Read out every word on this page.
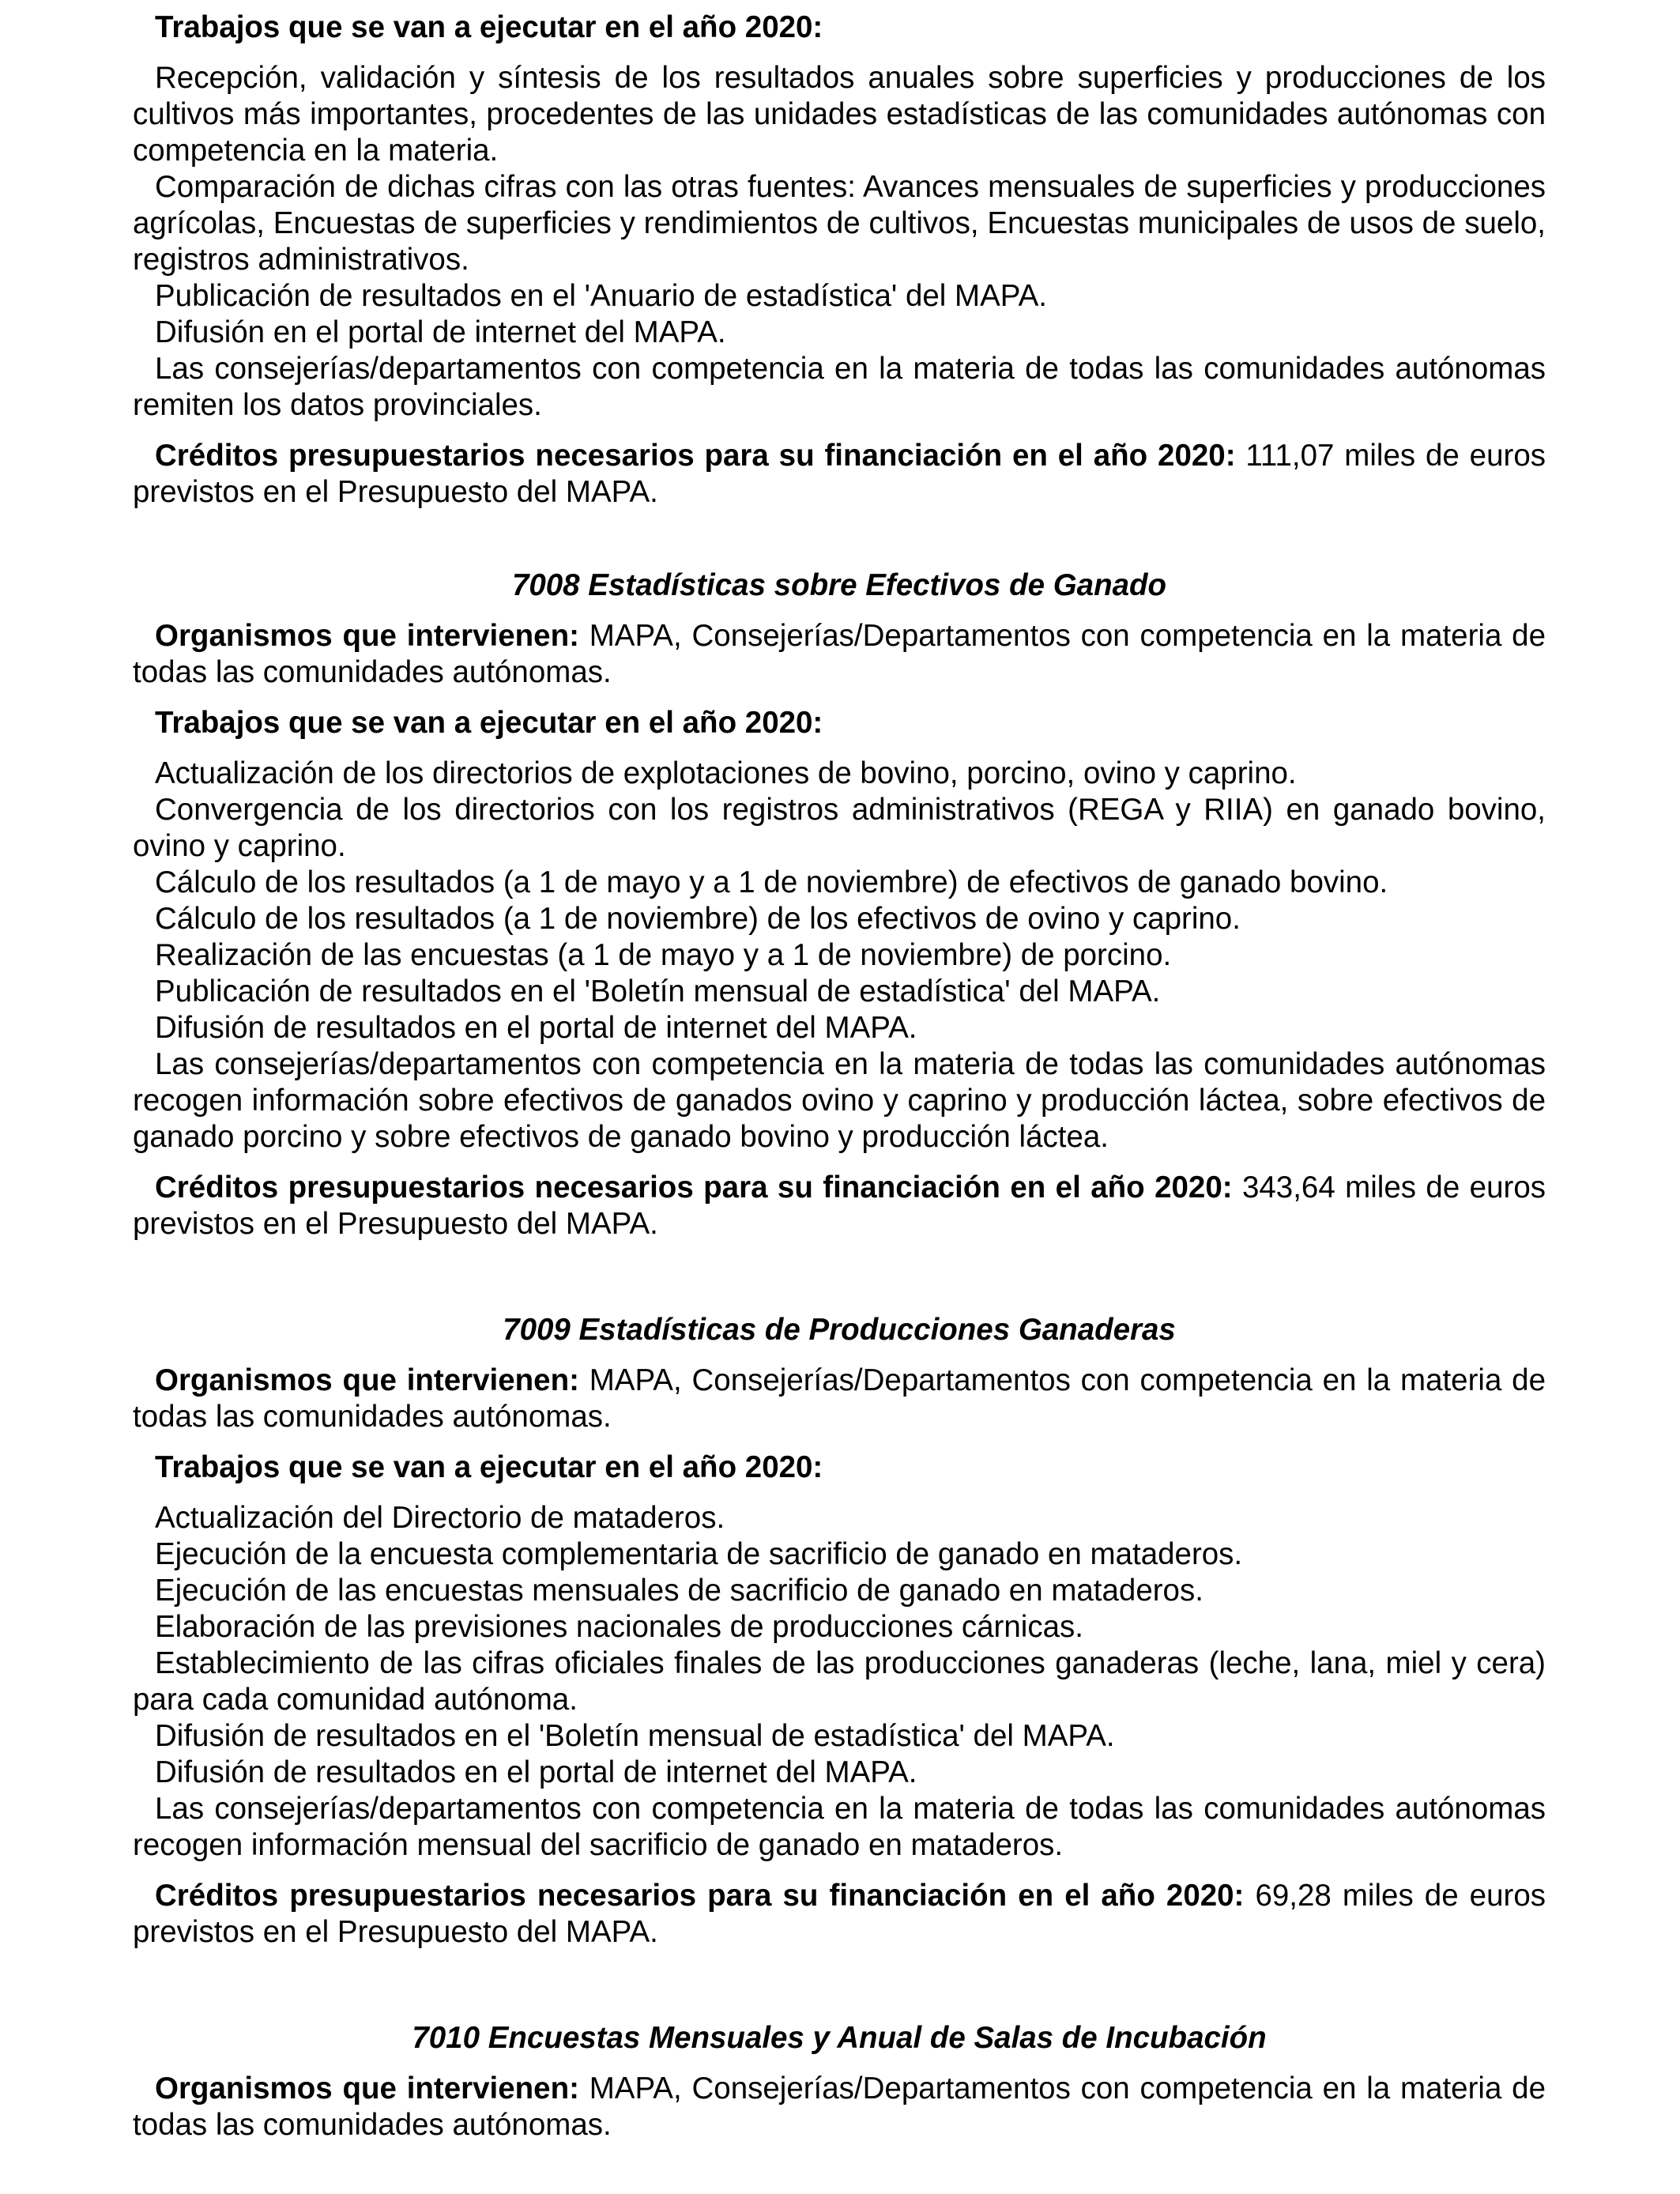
Trabajos que se van a ejecutar en el año 2020:

Recepción, validación y síntesis de los resultados anuales sobre superficies y producciones de los cultivos más importantes, procedentes de las unidades estadísticas de las comunidades autónomas con competencia en la materia.

Comparación de dichas cifras con las otras fuentes: Avances mensuales de superficies y producciones agrícolas, Encuestas de superficies y rendimientos de cultivos, Encuestas municipales de usos de suelo, registros administrativos.

Publicación de resultados en el 'Anuario de estadística' del MAPA.

Difusión en el portal de internet del MAPA.

Las consejerías/departamentos con competencia en la materia de todas las comunidades autónomas remiten los datos provinciales.

Créditos presupuestarios necesarios para su financiación en el año 2020: 111,07 miles de euros previstos en el Presupuesto del MAPA.

7008 Estadísticas sobre Efectivos de Ganado

Organismos que intervienen: MAPA, Consejerías/Departamentos con competencia en la materia de todas las comunidades autónomas.

Trabajos que se van a ejecutar en el año 2020:

Actualización de los directorios de explotaciones de bovino, porcino, ovino y caprino.

Convergencia de los directorios con los registros administrativos (REGA y RIIA) en ganado bovino, ovino y caprino.

Cálculo de los resultados (a 1 de mayo y a 1 de noviembre) de efectivos de ganado bovino.

Cálculo de los resultados (a 1 de noviembre) de los efectivos de ovino y caprino.

Realización de las encuestas (a 1 de mayo y a 1 de noviembre) de porcino.

Publicación de resultados en el 'Boletín mensual de estadística' del MAPA.

Difusión de resultados en el portal de internet del MAPA.

Las consejerías/departamentos con competencia en la materia de todas las comunidades autónomas recogen información sobre efectivos de ganados ovino y caprino y producción láctea, sobre efectivos de ganado porcino y sobre efectivos de ganado bovino y producción láctea.

Créditos presupuestarios necesarios para su financiación en el año 2020: 343,64 miles de euros previstos en el Presupuesto del MAPA.

7009 Estadísticas de Producciones Ganaderas

Organismos que intervienen: MAPA, Consejerías/Departamentos con competencia en la materia de todas las comunidades autónomas.

Trabajos que se van a ejecutar en el año 2020:

Actualización del Directorio de mataderos.

Ejecución de la encuesta complementaria de sacrificio de ganado en mataderos.

Ejecución de las encuestas mensuales de sacrificio de ganado en mataderos.

Elaboración de las previsiones nacionales de producciones cárnicas.

Establecimiento de las cifras oficiales finales de las producciones ganaderas (leche, lana, miel y cera) para cada comunidad autónoma.

Difusión de resultados en el 'Boletín mensual de estadística' del MAPA.

Difusión de resultados en el portal de internet del MAPA.

Las consejerías/departamentos con competencia en la materia de todas las comunidades autónomas recogen información mensual del sacrificio de ganado en mataderos.

Créditos presupuestarios necesarios para su financiación en el año 2020: 69,28 miles de euros previstos en el Presupuesto del MAPA.

7010 Encuestas Mensuales y Anual de Salas de Incubación

Organismos que intervienen: MAPA, Consejerías/Departamentos con competencia en la materia de todas las comunidades autónomas.
